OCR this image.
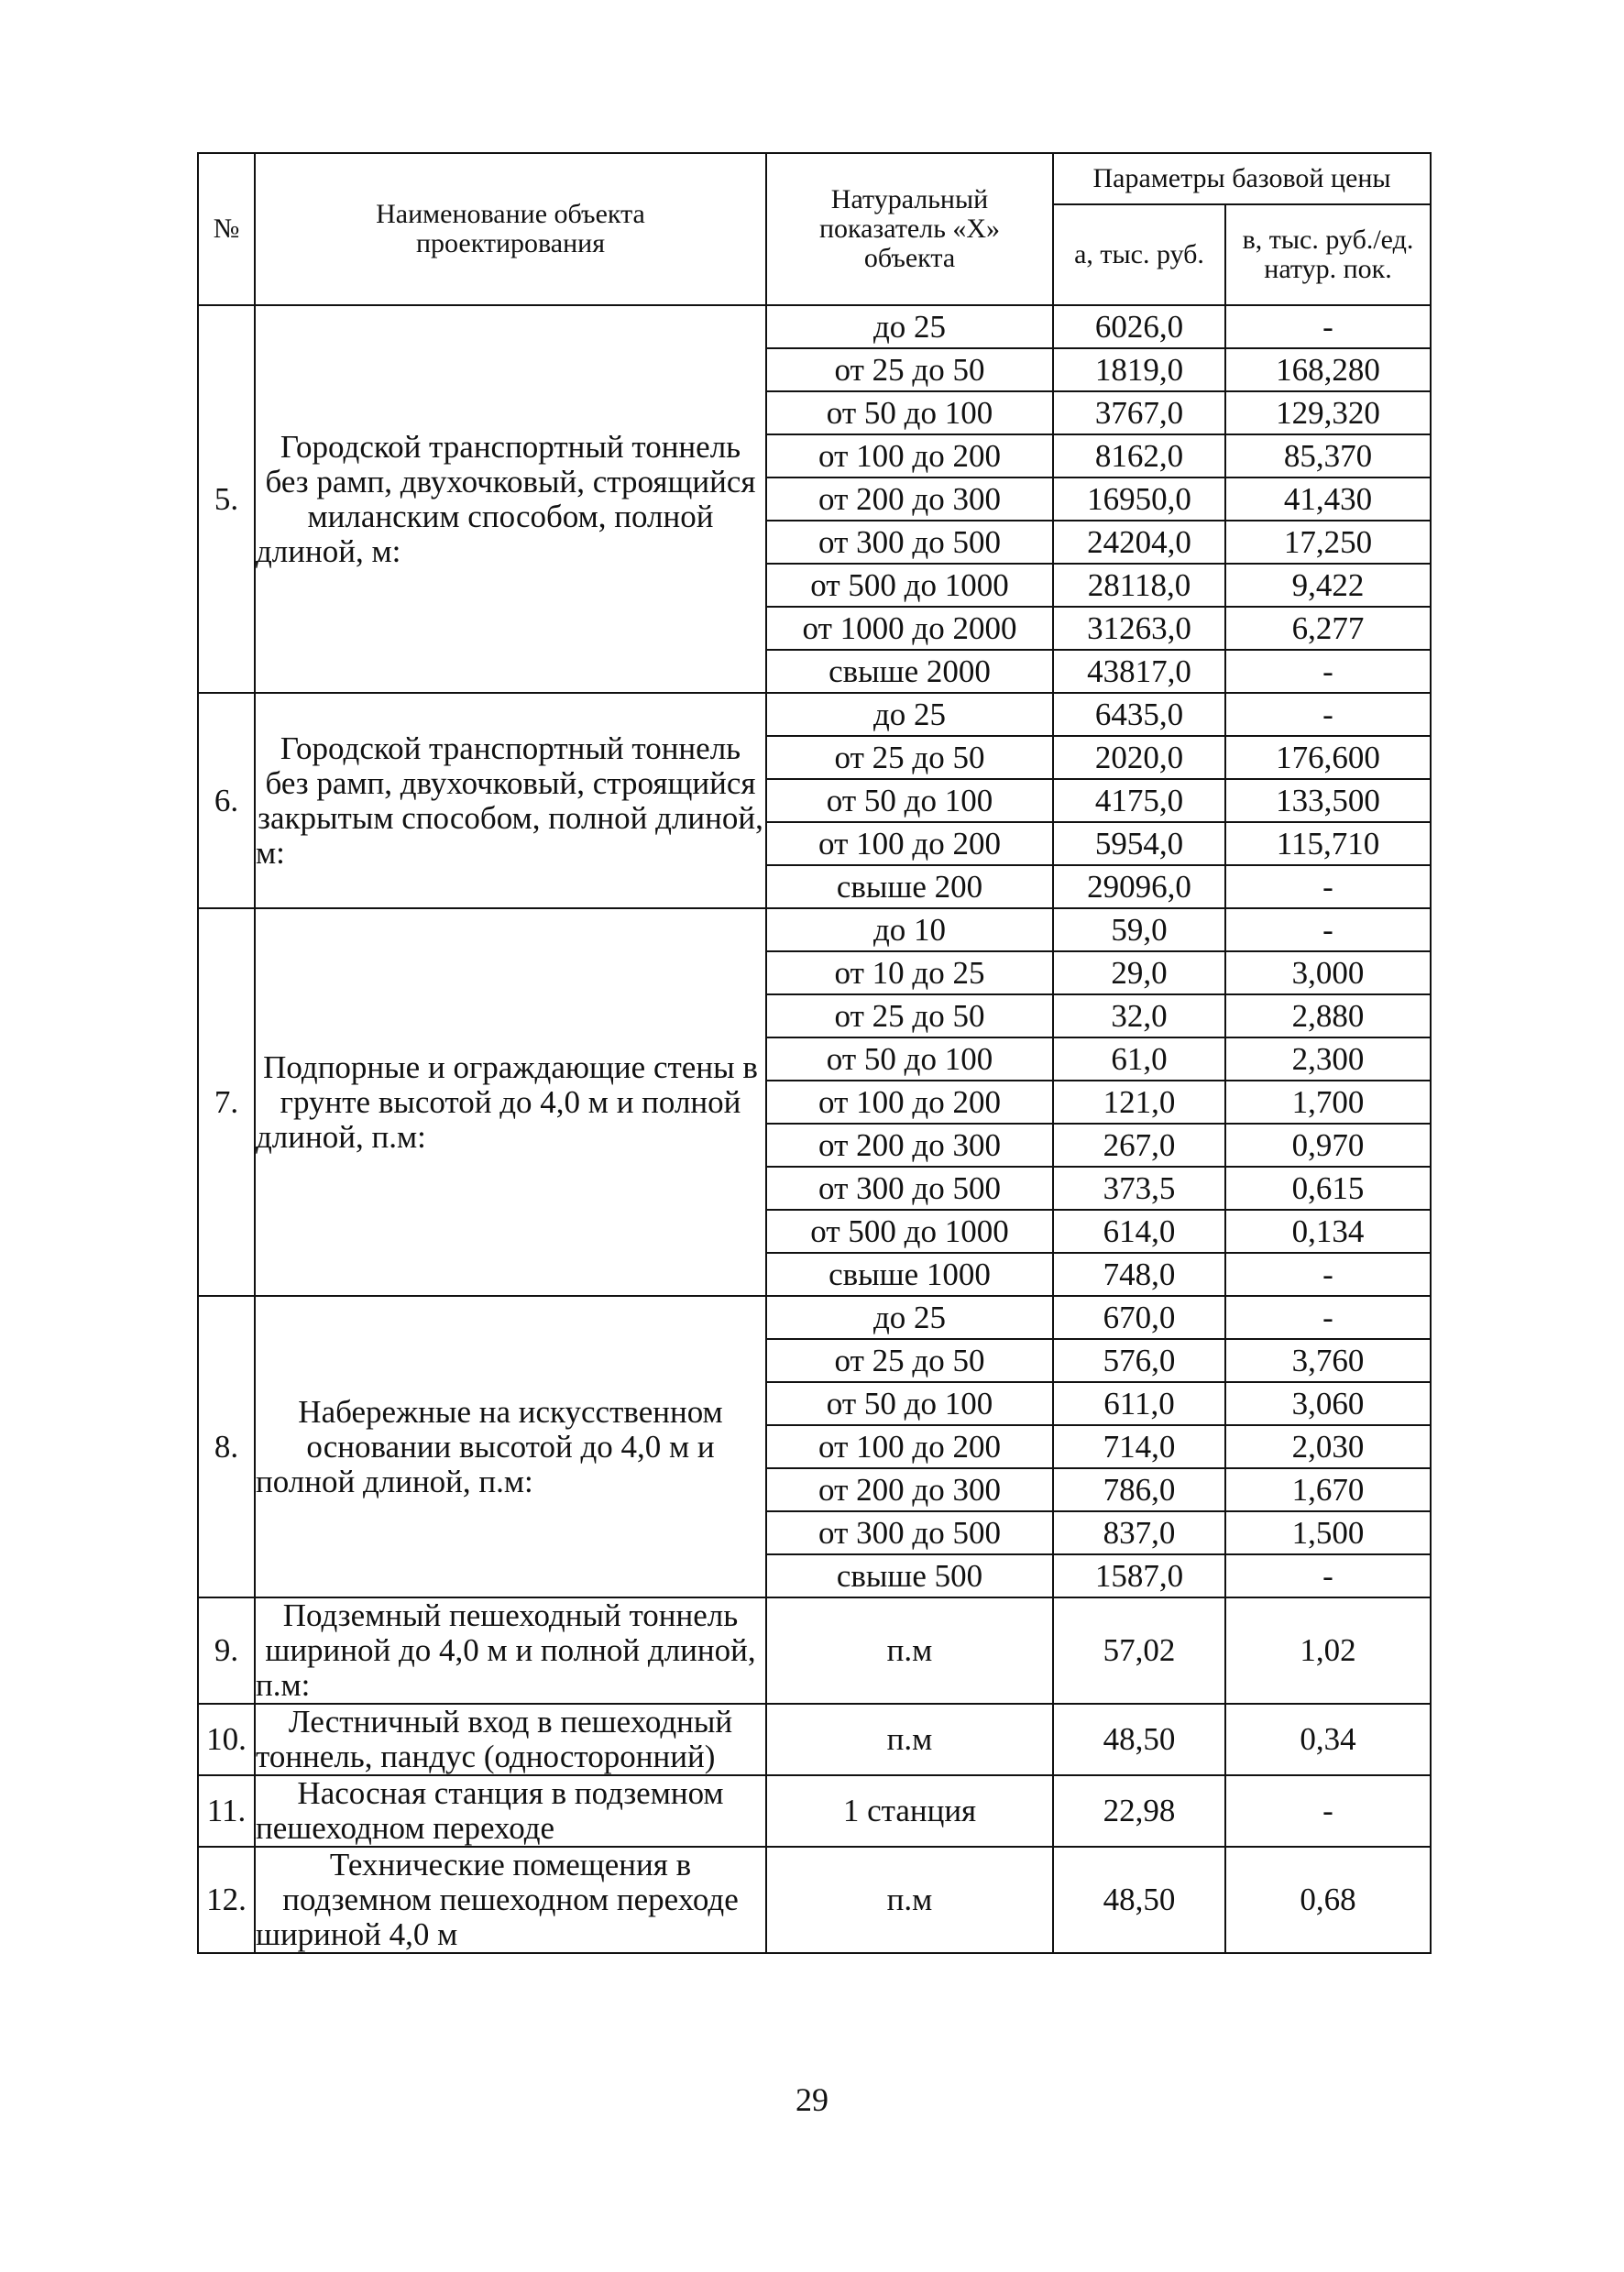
№	Наименование объекта проектирования	Натуральный показатель «Х» объекта	Параметры базовой цены	
			а, тыс. руб.	в, тыс. руб./ед. натур. пок.
5.	Городской транспортный тоннель без рамп, двухочковый, строящийся миланским способом, полной длиной, м:	до 25	6026,0	-
		от 25 до 50	1819,0	168,280
		от 50 до 100	3767,0	129,320
		от 100 до 200	8162,0	85,370
		от 200 до 300	16950,0	41,430
		от 300 до 500	24204,0	17,250
		от 500 до 1000	28118,0	9,422
		от 1000 до 2000	31263,0	6,277
		свыше 2000	43817,0	-
6.	Городской транспортный тоннель без рамп, двухочковый, строящийся закрытым способом, полной длиной, м:	до 25	6435,0	-
		от 25 до 50	2020,0	176,600
		от 50 до 100	4175,0	133,500
		от 100 до 200	5954,0	115,710
		свыше 200	29096,0	-
7.	Подпорные и ограждающие стены в грунте высотой до 4,0 м и полной длиной, п.м:	до 10	59,0	-
		от 10 до 25	29,0	3,000
		от 25 до 50	32,0	2,880
		от 50 до 100	61,0	2,300
		от 100 до 200	121,0	1,700
		от 200 до 300	267,0	0,970
		от 300 до 500	373,5	0,615
		от 500 до 1000	614,0	0,134
		свыше 1000	748,0	-
8.	Набережные на искусственном основании высотой до 4,0 м и полной длиной, п.м:	до 25	670,0	-
		от 25 до 50	576,0	3,760
		от 50 до 100	611,0	3,060
		от 100 до 200	714,0	2,030
		от 200 до 300	786,0	1,670
		от 300 до 500	837,0	1,500
		свыше 500	1587,0	-
9.	Подземный пешеходный тоннель шириной до 4,0 м и полной длиной, п.м:	п.м	57,02	1,02
10.	Лестничный вход в пешеходный тоннель, пандус (односторонний)	п.м	48,50	0,34
11.	Насосная станция в подземном пешеходном переходе	1 станция	22,98	-
12.	Технические помещения в подземном пешеходном переходе шириной 4,0 м	п.м	48,50	0,68
29
